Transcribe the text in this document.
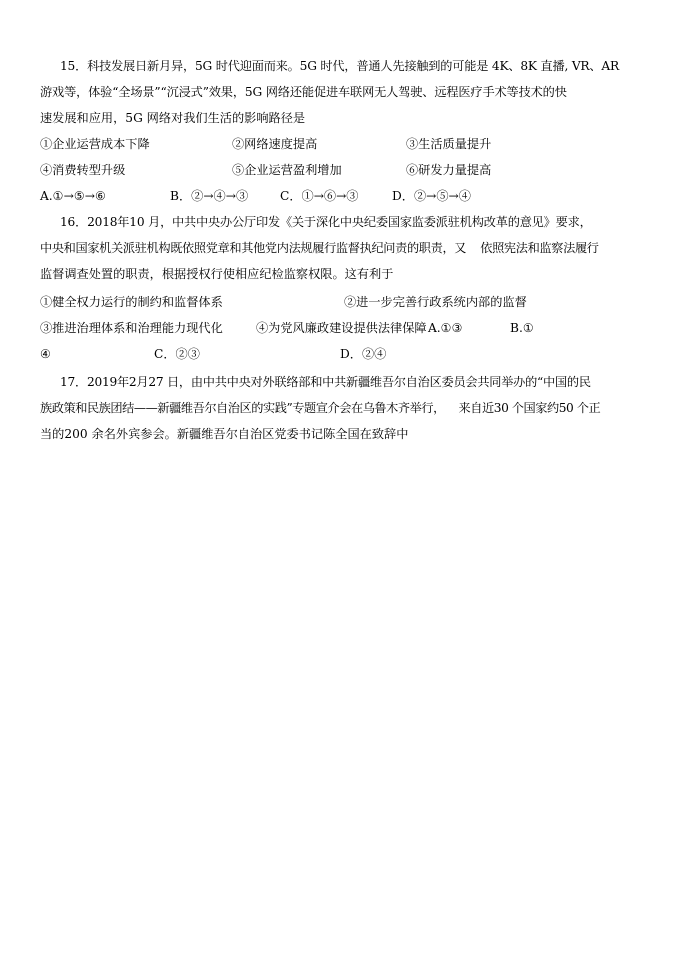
15．科技发展日新月异，5G 时代迎面而来。5G 时代，普通人先接触到的可能是 4K、8K 直播, VR、AR
游戏等，体验“全场景”“沉浸式”效果，5G 网络还能促进车联网无人驾驶、远程医疗手术等技术的快
速发展和应用，5G 网络对我们生活的影响路径是
①企业运营成本下降	②网络速度提高	③生活质量提升
④消费转型升级	⑤企业运营盈利增加	⑥研发力量提高
A.①→⑤→⑥	B．②→④→③	C．①→⑥→③	D．②→⑤→④
16．2018年10 月，中共中央办公厅印发《关于深化中央纪委国家监委派驻机构改革的意见》要求，
中央和国家机关派驻机构既依照党章和其他党内法规履行监督执纪问责的职责，又    依照宪法和监察法履行
监督调查处置的职责，根据授权行使相应纪检监察权限。这有利于
①健全权力运行的制约和监督体系	②进一步完善行政系统内部的监督
③推进治理体系和治理能力现代化	④为党风廉政建设提供法律保障 A.①③	B.①
④	C．②③	D．②④
17．2019年2月27 日，由中共中央对外联络部和中共新疆维吾尔自治区委员会共同举办的“中国的民
族政策和民族团结——新疆维吾尔自治区的实践”专题宣介会在乌鲁木齐举行，    来自近30 个国家约50 个正
当的200 余名外宾参会。新疆维吾尔自治区党委书记陈全国在致辞中
